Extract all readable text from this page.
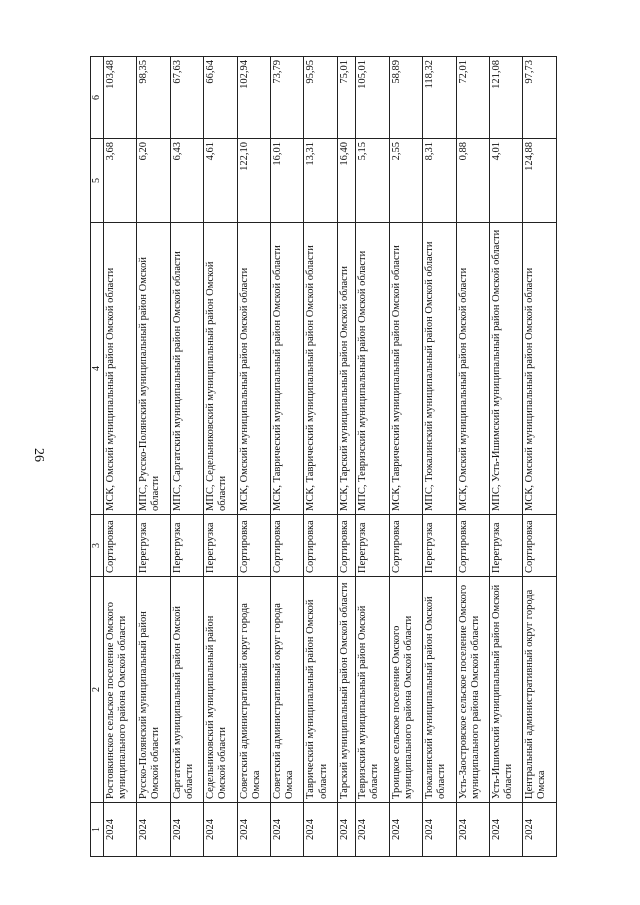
26
1	2	3	4	5	6
2024	Ростовкинское сельское поселение Омского муниципального района Омской области	Сортировка	МСК, Омский муниципальный район Омской области	3,68	103,48
2024	Русско-Полянский муниципальный район Омской области	Перегрузка	МПС, Русско-Полянский муниципальный район Омской области	6,20	98,35
2024	Саргатский муниципальный район Омской области	Перегрузка	МПС, Саргатский муниципальный район Омской области	6,43	67,63
2024	Седельниковский муниципальный район Омской области	Перегрузка	МПС, Седельниковский муниципальный район Омской области	4,61	66,64
2024	Советский административный округ города Омска	Сортировка	МСК, Омский муниципальный район Омской области	122,10	102,94
2024	Советский административный округ города Омска	Сортировка	МСК, Таврический муниципальный район Омской области	16,01	73,79
2024	Таврический муниципальный район Омской области	Сортировка	МСК, Таврический муниципальный район Омской области	13,31	95,95
2024	Тарский муниципальный район Омской области	Сортировка	МСК, Тарский муниципальный район Омской области	16,40	75,01
2024	Тевризский муниципальный район Омской области	Перегрузка	МПС, Тевризский муниципальный район Омской области	5,15	105,01
2024	Троицкое сельское поселение Омского муниципального района Омской области	Сортировка	МСК, Таврический муниципальный район Омской области	2,55	58,89
2024	Тюкалинский муниципальный район Омской области	Перегрузка	МПС, Тюкалинский муниципальный район Омской области	8,31	118,32
2024	Усть-Заостровское сельское поселение Омского муниципального района Омской области	Сортировка	МСК, Омский муниципальный район Омской области	0,88	72,01
2024	Усть-Ишимский муниципальный район Омской области	Перегрузка	МПС, Усть-Ишимский муниципальный район Омской области	4,01	121,08
2024	Центральный административный округ города Омска	Сортировка	МСК, Омский муниципальный район Омской области	124,88	97,73
